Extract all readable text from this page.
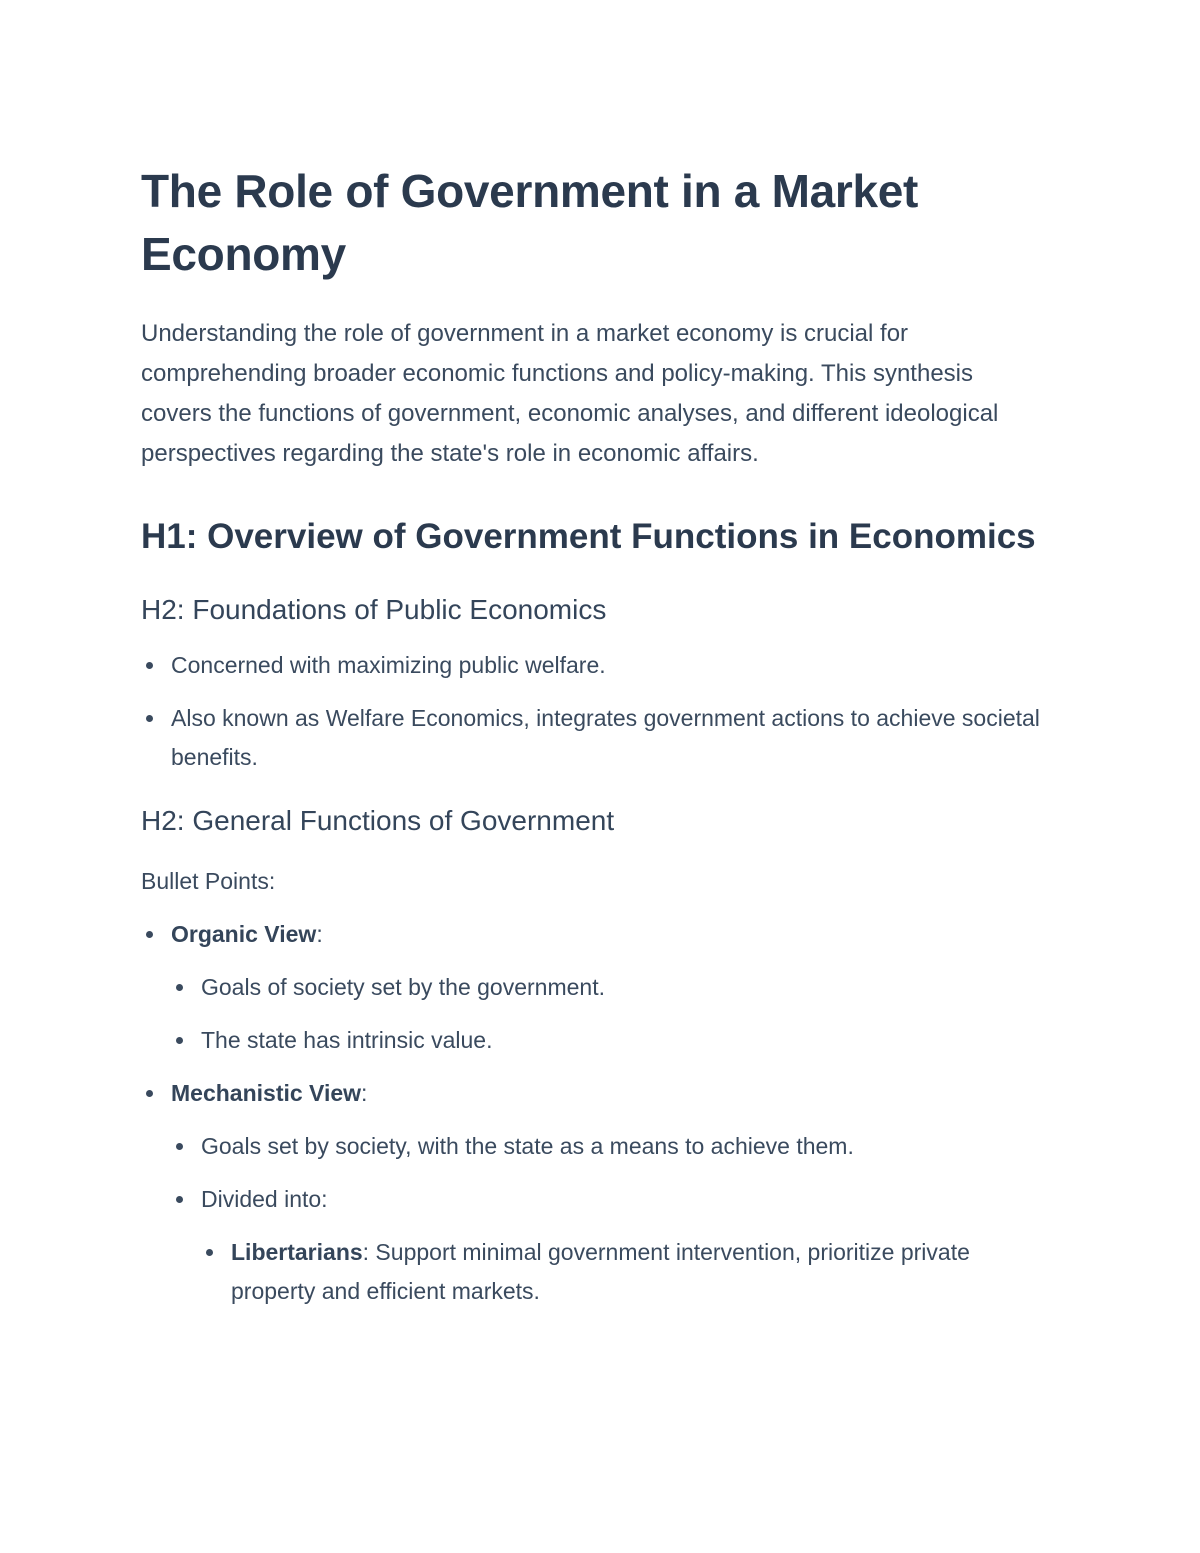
The Role of Government in a Market Economy

Understanding the role of government in a market economy is crucial for comprehending broader economic functions and policy-making. This synthesis covers the functions of government, economic analyses, and different ideological perspectives regarding the state's role in economic affairs.

H1: Overview of Government Functions in Economics
H2: Foundations of Public Economics
Concerned with maximizing public welfare.
Also known as Welfare Economics, integrates government actions to achieve societal benefits.
H2: General Functions of Government

Bullet Points:

Organic View:
Goals of society set by the government.
The state has intrinsic value.
Mechanistic View:
Goals set by society, with the state as a means to achieve them.
Divided into:
Libertarians: Support minimal government intervention, prioritize private property and efficient markets.
